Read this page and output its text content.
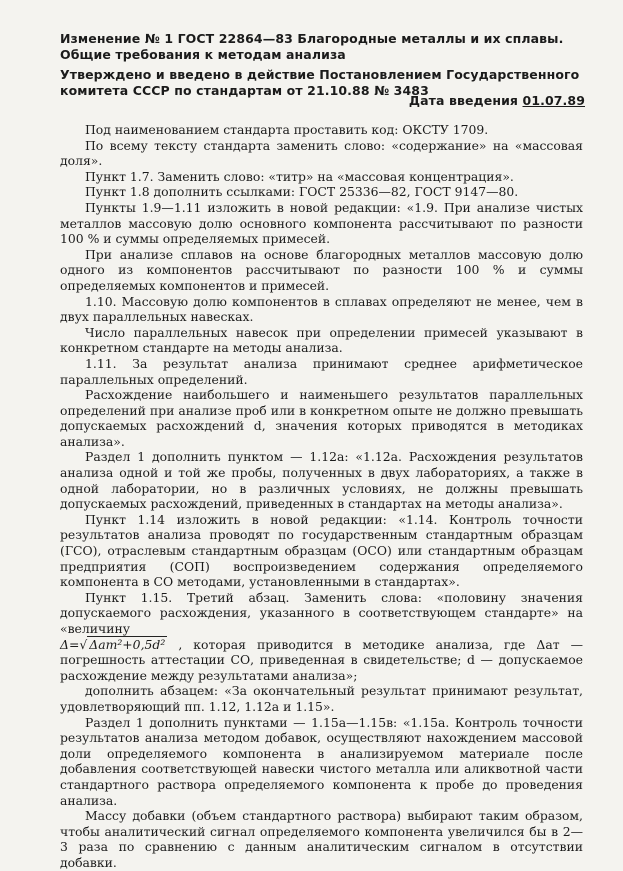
Изменение № 1 ГОСТ 22864—83 Благородные металлы и их сплавы. Общие требования к методам анализа
Утверждено и введено в действие Постановлением Государственного комитета СССР по стандартам от 21.10.88 № 3483
Дата введения 01.07.89

Под наименованием стандарта проставить код: ОКСТУ 1709.

По всему тексту стандарта заменить слово: «содержание» на «массовая доля».

Пункт 1.7. Заменить слово: «титр» на «массовая концентрация».

Пункт 1.8 дополнить ссылками: ГОСТ 25336—82, ГОСТ 9147—80.

Пункты 1.9—1.11 изложить в новой редакции: «1.9. При анализе чистых металлов массовую долю основного компонента рассчитывают по разности 100 % и суммы определяемых примесей.

При анализе сплавов на основе благородных металлов массовую долю одного из компонентов рассчитывают по разности 100 % и суммы определяемых компонентов и примесей.

1.10. Массовую долю компонентов в сплавах определяют не менее, чем в двух параллельных навесках.

Число параллельных навесок при определении примесей указывают в конкретном стандарте на методы анализа.

1.11. За результат анализа принимают среднее арифметическое параллельных определений.

Расхождение наибольшего и наименьшего результатов параллельных определений при анализе проб или в конкретном опыте не должно превышать допускаемых расхождений d, значения которых приводятся в методиках анализа».

Раздел 1 дополнить пунктом — 1.12а: «1.12а. Расхождения результатов анализа одной и той же пробы, полученных в двух лабораториях, а также в одной лаборатории, но в различных условиях, не должны превышать допускаемых расхождений, приведенных в стандартах на методы анализа».

Пункт 1.14 изложить в новой редакции: «1.14. Контроль точности результатов анализа проводят по государственным стандартным образцам (ГСО), отраслевым стандартным образцам (ОСО) или стандартным образцам предприятия (СОП) воспроизведением содержания определяемого компонента в СО методами, установленными в стандартах».

Пункт 1.15. Третий абзац. Заменить слова: «половину значения допускаемого расхождения, указанного в соответствующем стандарте» на «величину

Δ=√ Δат²+0,5d² , которая приводится в методике анализа, где Δат — погрешность аттестации СО, приведенная в свидетельстве; d — допускаемое расхождение между результатами анализа»;

дополнить абзацем: «За окончательный результат принимают результат, удовлетворяющий пп. 1.12, 1.12а и 1.15».

Раздел 1 дополнить пунктами — 1.15а—1.15в: «1.15а. Контроль точности результатов анализа методом добавок, осуществляют нахождением массовой доли определяемого компонента в анализируемом материале после добавления соответствующей навески чистого металла или аликвотной части стандартного раствора определяемого компонента к пробе до проведения анализа.

Массу добавки (объем стандартного раствора) выбирают таким образом, чтобы аналитический сигнал определяемого компонента увеличился бы в 2—3 раза по сравнению с данным аналитическим сигналом в отсутствии добавки.
